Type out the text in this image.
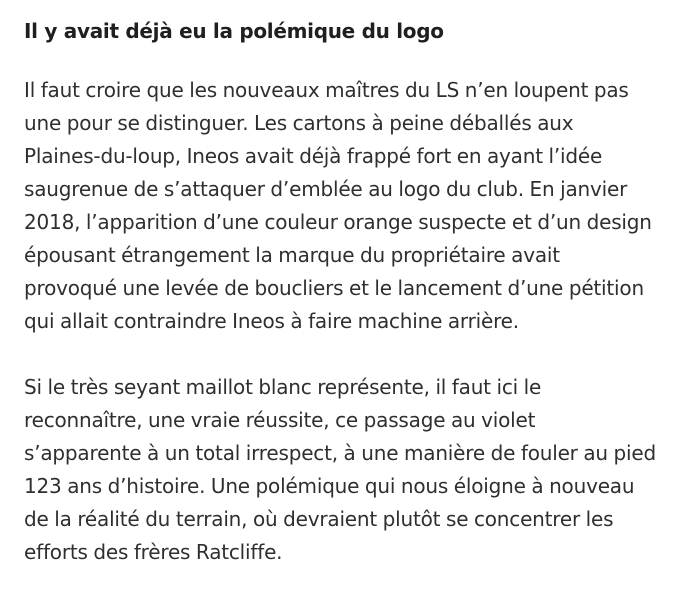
Il y avait déjà eu la polémique du logo

Il faut croire que les nouveaux maîtres du LS n’en loupent pas
une pour se distinguer. Les cartons à peine déballés aux
Plaines-du-loup, Ineos avait déjà frappé fort en ayant l’idée
saugrenue de s’attaquer d’emblée au logo du club. En janvier
2018, l’apparition d’une couleur orange suspecte et d’un design
épousant étrangement la marque du propriétaire avait
provoqué une levée de boucliers et le lancement d’une pétition
qui allait contraindre Ineos à faire machine arrière.

Si le très seyant maillot blanc représente, il faut ici le
reconnaître, une vraie réussite, ce passage au violet
s’apparente à un total irrespect, à une manière de fouler au pied
123 ans d’histoire. Une polémique qui nous éloigne à nouveau
de la réalité du terrain, où devraient plutôt se concentrer les
efforts des frères Ratcliffe.
